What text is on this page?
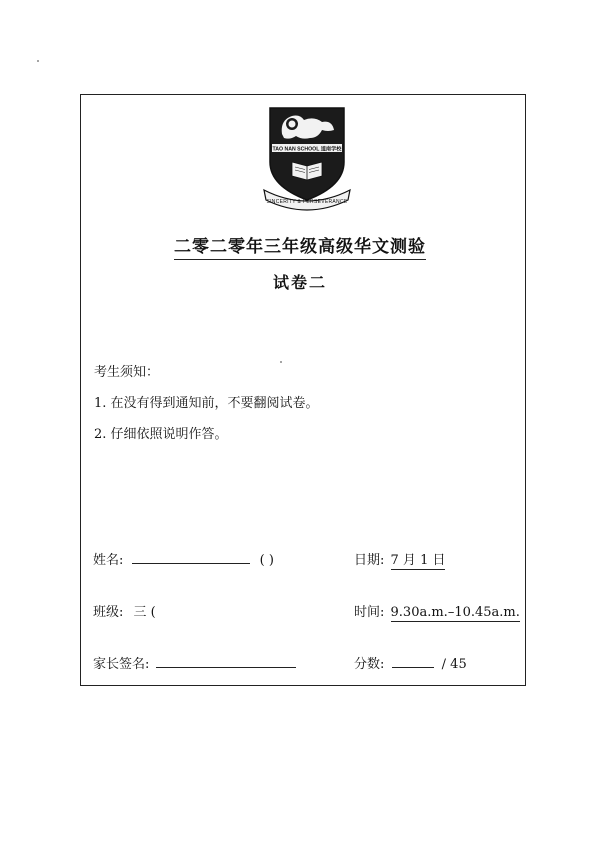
TAO NAN SCHOOL 道南学校
SINCERITY & PERSEVERANCE
二零二零年三年级高级华文测验
试卷二
考生须知：
1. 在没有得到通知前，不要翻阅试卷。
2. 仔细依照说明作答。
姓名:	( )	日期: 7 月 1 日
班级: 三 (	时间: 9.30a.m.–10.45a.m.
家长签名:	分数:	/ 45
